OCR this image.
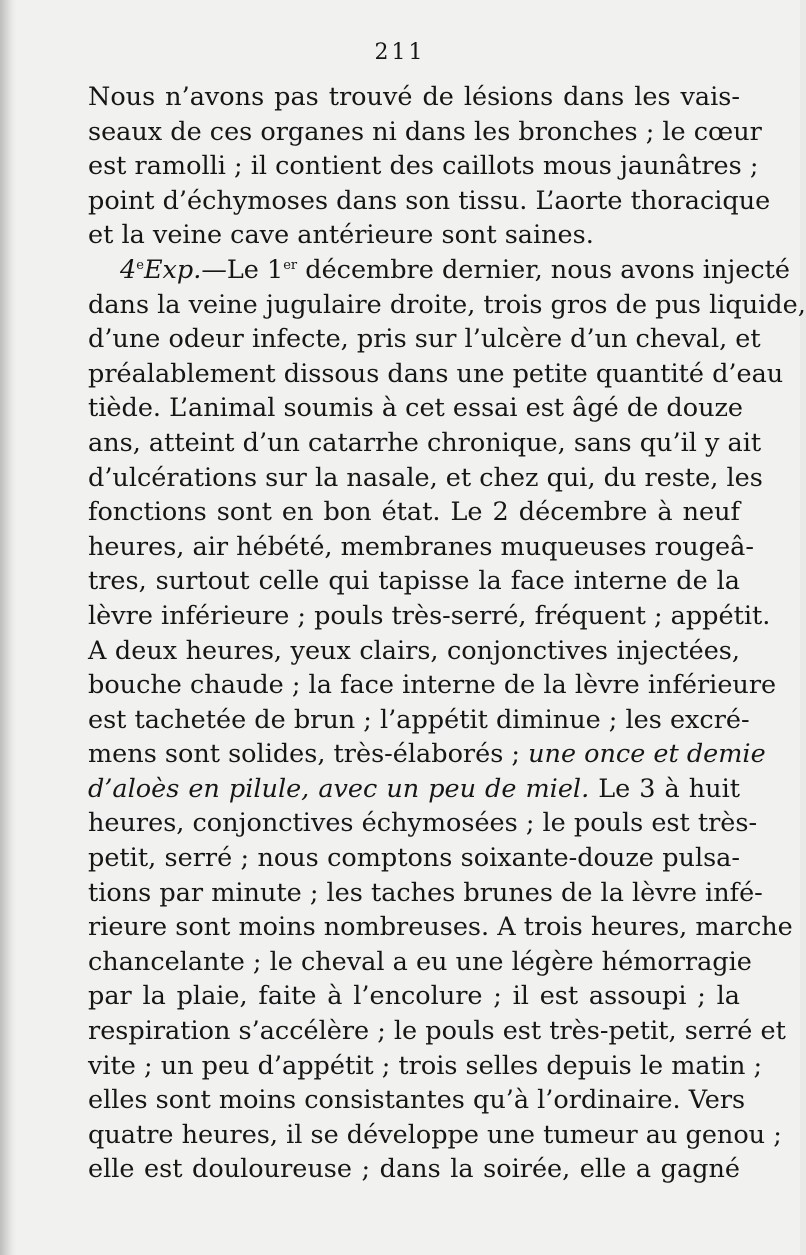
211
Nous n’avons pas trouvé de lésions dans les vais-
seaux de ces organes ni dans les bronches ; le cœur
est ramolli ; il contient des caillots mous jaunâtres ;
point d’échymoses dans son tissu. L’aorte thoracique
et la veine cave antérieure sont saines.
4eExp.—Le 1er décembre dernier, nous avons injecté
dans la veine jugulaire droite, trois gros de pus liquide,
d’une odeur infecte, pris sur l’ulcère d’un cheval, et
préalablement dissous dans une petite quantité d’eau
tiède. L’animal soumis à cet essai est âgé de douze
ans, atteint d’un catarrhe chronique, sans qu’il y ait
d’ulcérations sur la nasale, et chez qui, du reste, les
fonctions sont en bon état. Le 2 décembre à neuf
heures, air hébété, membranes muqueuses rougeâ-
tres, surtout celle qui tapisse la face interne de la
lèvre inférieure ; pouls très-serré, fréquent ; appétit.
A deux heures, yeux clairs, conjonctives injectées,
bouche chaude ; la face interne de la lèvre inférieure
est tachetée de brun ; l’appétit diminue ; les excré-
mens sont solides, très-élaborés ; une once et demie
d’aloès en pilule, avec un peu de miel. Le 3 à huit
heures, conjonctives échymosées ; le pouls est très-
petit, serré ; nous comptons soixante-douze pulsa-
tions par minute ; les taches brunes de la lèvre infé-
rieure sont moins nombreuses. A trois heures, marche
chancelante ; le cheval a eu une légère hémorragie
par la plaie, faite à l’encolure ; il est assoupi ; la
respiration s’accélère ; le pouls est très-petit, serré et
vite ; un peu d’appétit ; trois selles depuis le matin ;
elles sont moins consistantes qu’à l’ordinaire. Vers
quatre heures, il se développe une tumeur au genou ;
elle est douloureuse ; dans la soirée, elle a gagné
